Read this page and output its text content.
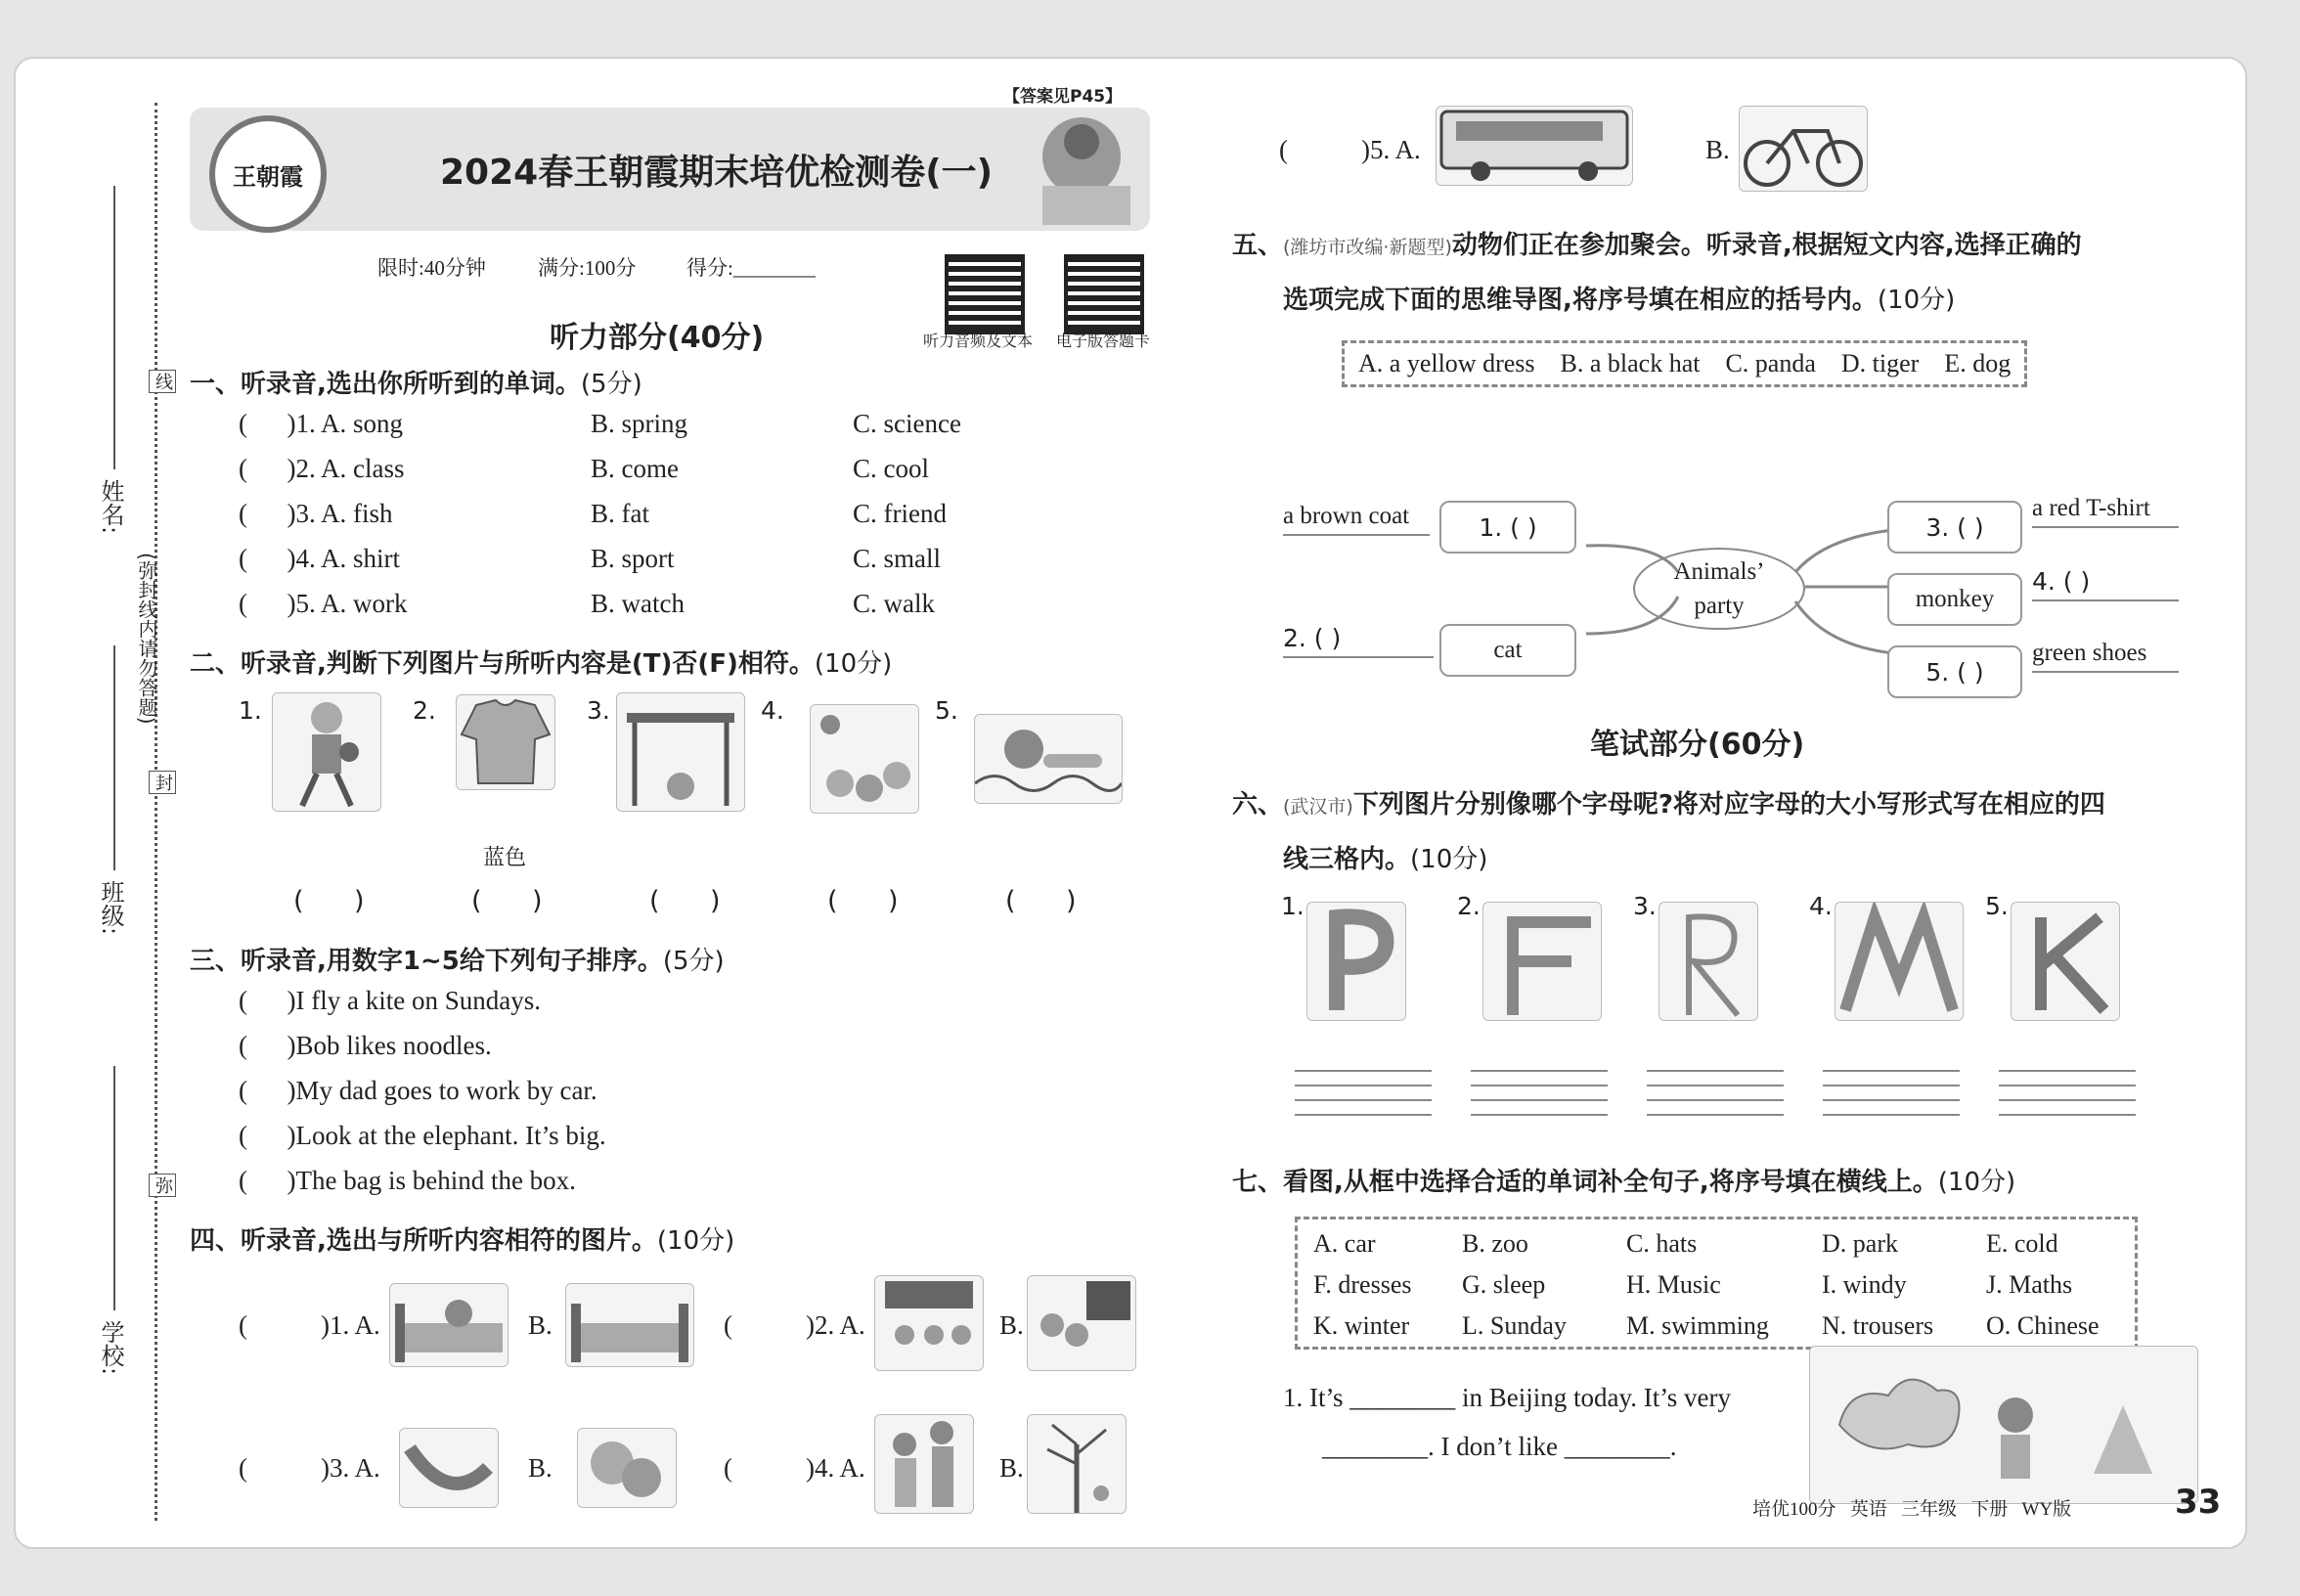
学校:
班级:
姓名:
(弥封线内请勿答题)
线
封
弥
【答案见P45】
王朝霞	2024春王朝霞期末培优检测卷(一)
限时:40分钟	满分:100分 得分:________
听力音频及文本 电子版答题卡
听力部分(40分)
一、听录音,选出你所听到的单词。(5分)
(      )1. A. song	B. spring	C. science
(      )2. A. class	B. come	C. cool
(      )3. A. fish	B. fat	C. friend
(      )4. A. shirt	B. sport	C. small
(      )5. A. work	B. watch	C. walk
二、听录音,判断下列图片与所听内容是(T)否(F)相符。(10分)
1.	2.	3.	4.	5.
蓝色
(      )	(      )	(      )	(      )	(      )
三、听录音,用数字1~5给下列句子排序。(5分)
(      )I fly a kite on Sundays.
(      )Bob likes noodles.
(      )My dad goes to work by car.
(      )Look at the elephant. It’s big.
(      )The bag is behind the box.
四、听录音,选出与所听内容相符的图片。(10分)
( )1. A.	B.	( )2. A.	B.
( )3. A.	B.	( )4. A.	B.
( )5. A.	B.
五、(潍坊市改编·新题型)动物们正在参加聚会。听录音,根据短文内容,选择正确的
选项完成下面的思维导图,将序号填在相应的括号内。(10分)
A. a yellow dress    B. a black hat    C. panda    D. tiger    E. dog
Animals’ party
a brown coat	1. ( )
2. ( )	cat
3. ( )
a red T-shirt
monkey
4. ( )
5. ( )
green shoes
笔试部分(60分)
六、(武汉市)下列图片分别像哪个字母呢?将对应字母的大小写形式写在相应的四
线三格内。(10分)
1.	2.	3.	4.	5.
七、看图,从框中选择合适的单词补全句子,将序号填在横线上。(10分)
A. car	B. zoo	C. hats	D. park	E. cold
F. dresses G. sleep	H. Music	I. windy	J. Maths
K. winter L. Sunday M. swimming N. trousers O. Chinese
1. It’s ________ in Beijing today. It’s very
________. I don’t like ________.
培优100分   英语   三年级   下册   WY版	33
